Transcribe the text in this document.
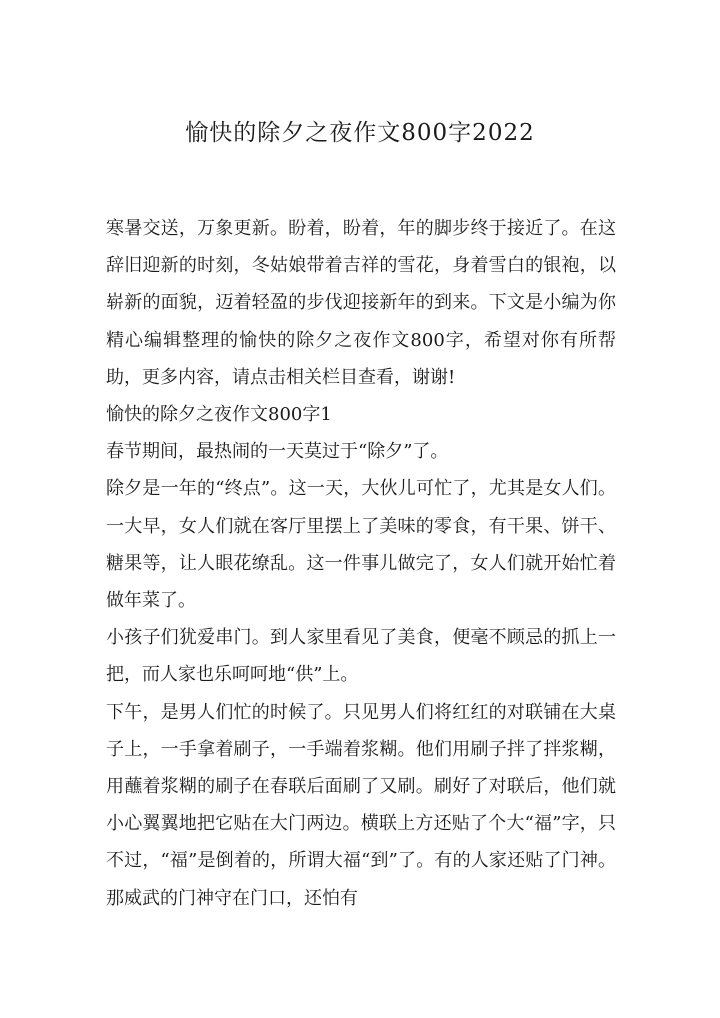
愉快的除夕之夜作文800字2022

寒暑交送，万象更新。盼着，盼着，年的脚步终于接近了。在这辞旧迎新的时刻，冬姑娘带着吉祥的雪花，身着雪白的银袍，以崭新的面貌，迈着轻盈的步伐迎接新年的到来。下文是小编为你精心编辑整理的愉快的除夕之夜作文800字，希望对你有所帮助，更多内容，请点击相关栏目查看，谢谢!

愉快的除夕之夜作文800字1

春节期间，最热闹的一天莫过于“除夕”了。

除夕是一年的“终点”。这一天，大伙儿可忙了，尤其是女人们。一大早，女人们就在客厅里摆上了美味的零食，有干果、饼干、糖果等，让人眼花缭乱。这一件事儿做完了，女人们就开始忙着做年菜了。

小孩子们犹爱串门。到人家里看见了美食，便毫不顾忌的抓上一把，而人家也乐呵呵地“供”上。

下午，是男人们忙的时候了。只见男人们将红红的对联铺在大桌子上，一手拿着刷子，一手端着浆糊。他们用刷子拌了拌浆糊，用蘸着浆糊的刷子在春联后面刷了又刷。刷好了对联后，他们就小心翼翼地把它贴在大门两边。横联上方还贴了个大“福”字，只不过，“福”是倒着的，所谓大福“到”了。有的人家还贴了门神。那威武的门神守在门口，还怕有
